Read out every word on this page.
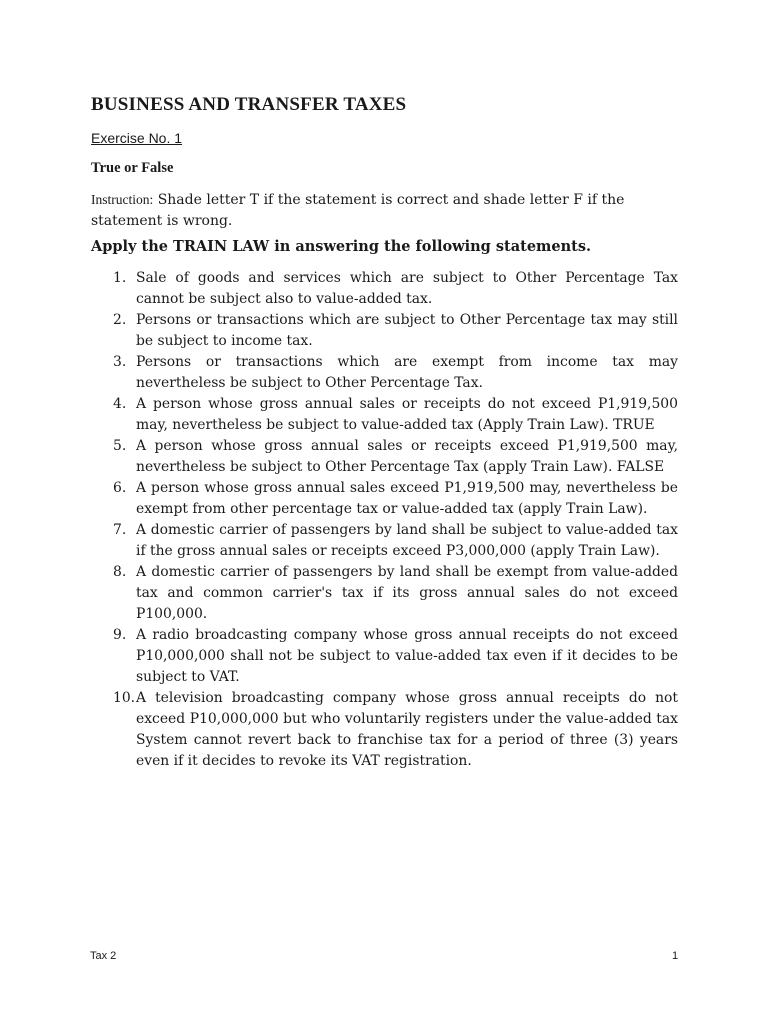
BUSINESS AND TRANSFER TAXES
Exercise No. 1
True or False
Instruction: Shade letter T if the statement is correct and shade letter F if the statement is wrong.
Apply the TRAIN LAW in answering the following statements.
1. Sale of goods and services which are subject to Other Percentage Tax cannot be subject also to value-added tax.
2. Persons or transactions which are subject to Other Percentage tax may still be subject to income tax.
3. Persons or transactions which are exempt from income tax may nevertheless be subject to Other Percentage Tax.
4. A person whose gross annual sales or receipts do not exceed P1,919,500 may, nevertheless be subject to value-added tax (Apply Train Law). TRUE
5. A person whose gross annual sales or receipts exceed P1,919,500 may, nevertheless be subject to Other Percentage Tax (apply Train Law). FALSE
6. A person whose gross annual sales exceed P1,919,500 may, nevertheless be exempt from other percentage tax or value-added tax (apply Train Law).
7. A domestic carrier of passengers by land shall be subject to value-added tax if the gross annual sales or receipts exceed P3,000,000 (apply Train Law).
8. A domestic carrier of passengers by land shall be exempt from value-added tax and common carrier's tax if its gross annual sales do not exceed P100,000.
9. A radio broadcasting company whose gross annual receipts do not exceed P10,000,000 shall not be subject to value-added tax even if it decides to be subject to VAT.
10. A television broadcasting company whose gross annual receipts do not exceed P10,000,000 but who voluntarily registers under the value-added tax System cannot revert back to franchise tax for a period of three (3) years even if it decides to revoke its VAT registration.
Tax 2	1
